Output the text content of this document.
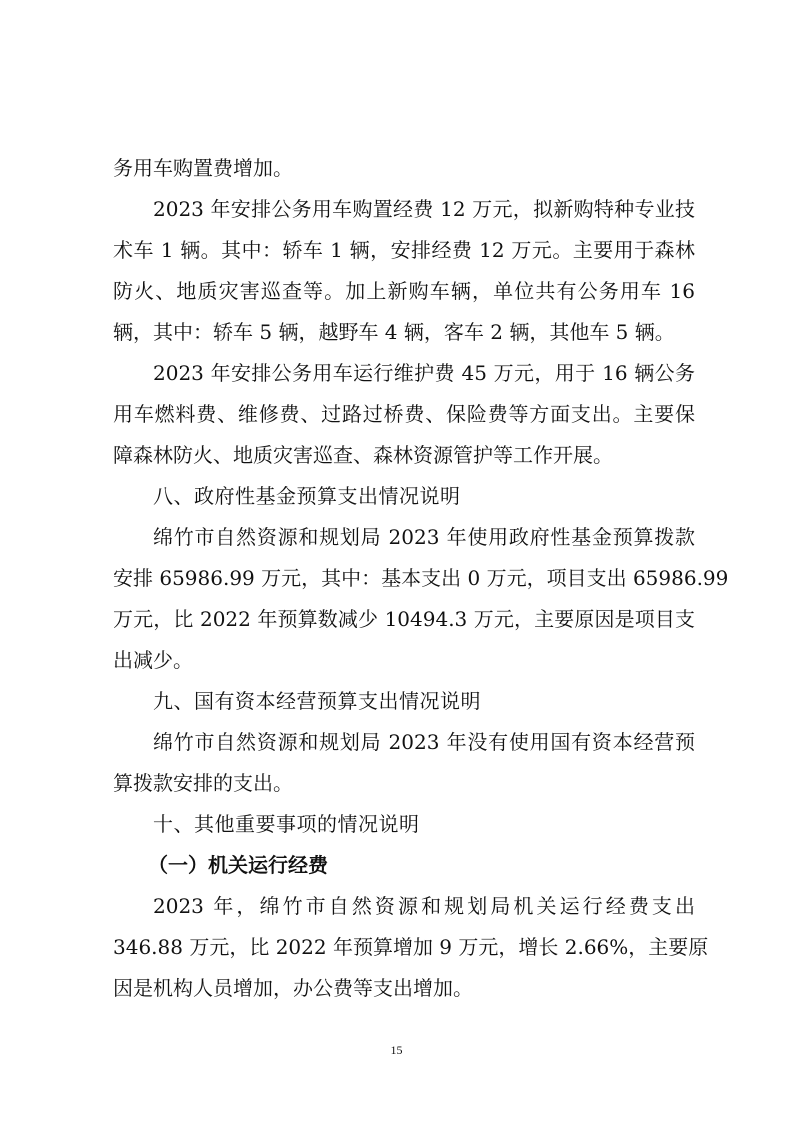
务用车购置费增加。
2023 年安排公务用车购置经费 12 万元，拟新购特种专业技
术车 1 辆。其中：轿车 1 辆，安排经费 12 万元。主要用于森林
防火、地质灾害巡查等。加上新购车辆，单位共有公务用车 16
辆，其中：轿车 5 辆，越野车 4 辆，客车 2 辆，其他车 5 辆。
2023 年安排公务用车运行维护费 45 万元，用于 16 辆公务
用车燃料费、维修费、过路过桥费、保险费等方面支出。主要保
障森林防火、地质灾害巡查、森林资源管护等工作开展。
八、政府性基金预算支出情况说明
绵竹市自然资源和规划局 2023 年使用政府性基金预算拨款
安排 65986.99 万元，其中：基本支出 0 万元，项目支出 65986.99
万元，比 2022 年预算数减少 10494.3 万元，主要原因是项目支
出减少。
九、国有资本经营预算支出情况说明
绵竹市自然资源和规划局 2023 年没有使用国有资本经营预
算拨款安排的支出。
十、其他重要事项的情况说明
（一）机关运行经费
2023 年，绵竹市自然资源和规划局机关运行经费支出
346.88 万元，比 2022 年预算增加 9 万元，增长 2.66%，主要原
因是机构人员增加，办公费等支出增加。
15
